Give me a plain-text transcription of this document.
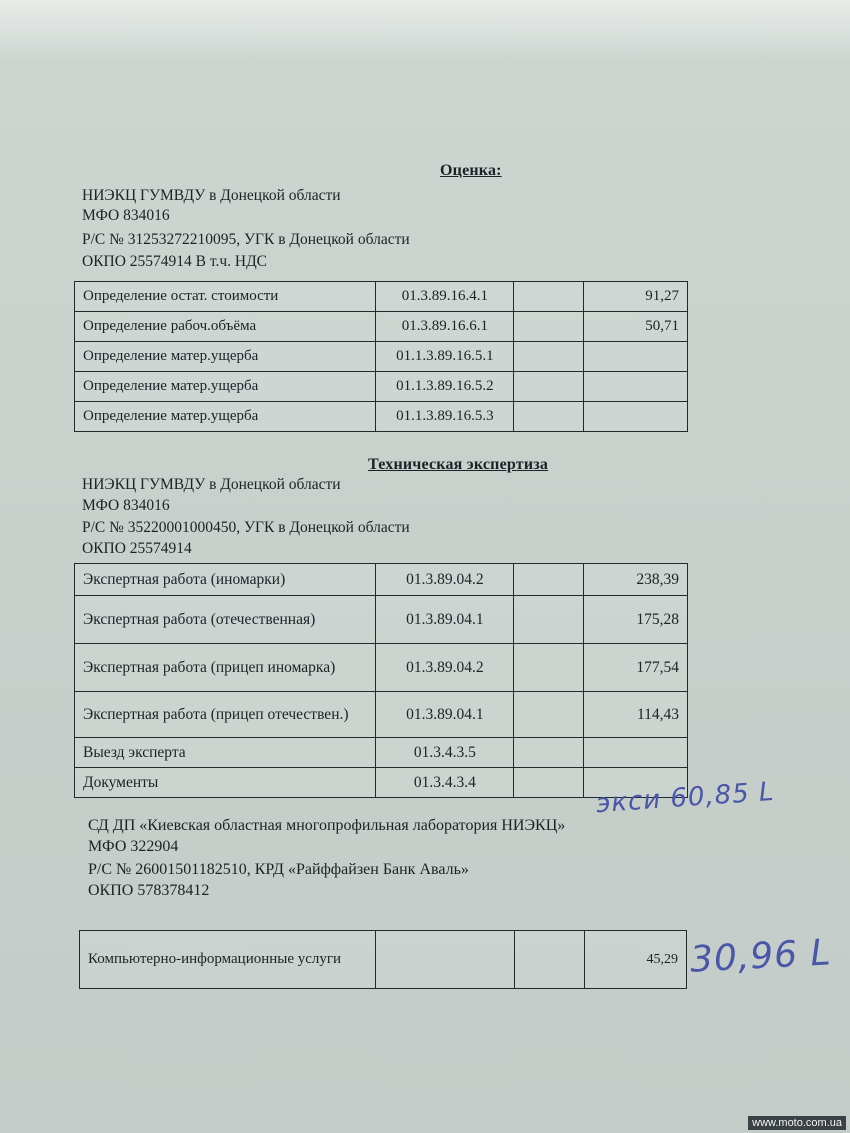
Оценка:
НИЭКЦ ГУМВДУ в Донецкой области
МФО 834016
Р/С № 31253272210095, УГК в Донецкой области
ОКПО 25574914 В т.ч. НДС
Определение остат. стоимости	01.3.89.16.4.1		91,27
Определение рабоч.объёма	01.3.89.16.6.1		50,71
Определение матер.ущерба	01.1.3.89.16.5.1		
Определение матер.ущерба	01.1.3.89.16.5.2		
Определение матер.ущерба	01.1.3.89.16.5.3		
Техническая экспертиза
НИЭКЦ ГУМВДУ в Донецкой области
МФО 834016
Р/С № 35220001000450, УГК в Донецкой области
ОКПО 25574914
Экспертная работа (иномарки)	01.3.89.04.2		238,39
Экспертная работа (отечественная)	01.3.89.04.1		175,28
Экспертная работа (прицеп иномарка)	01.3.89.04.2		177,54
Экспертная работа (прицеп отечествен.)	01.3.89.04.1		114,43
Выезд эксперта	01.3.4.3.5		
Документы	01.3.4.3.4			экси 60,85 L
СД ДП «Киевская областная многопрофильная лаборатория НИЭКЦ»
МФО 322904
Р/С № 26001501182510, КРД «Райффайзен Банк Аваль»
ОКПО 578378412
Компьютерно-информационные услуги			45,29 30,96 L
www.moto.com.ua
